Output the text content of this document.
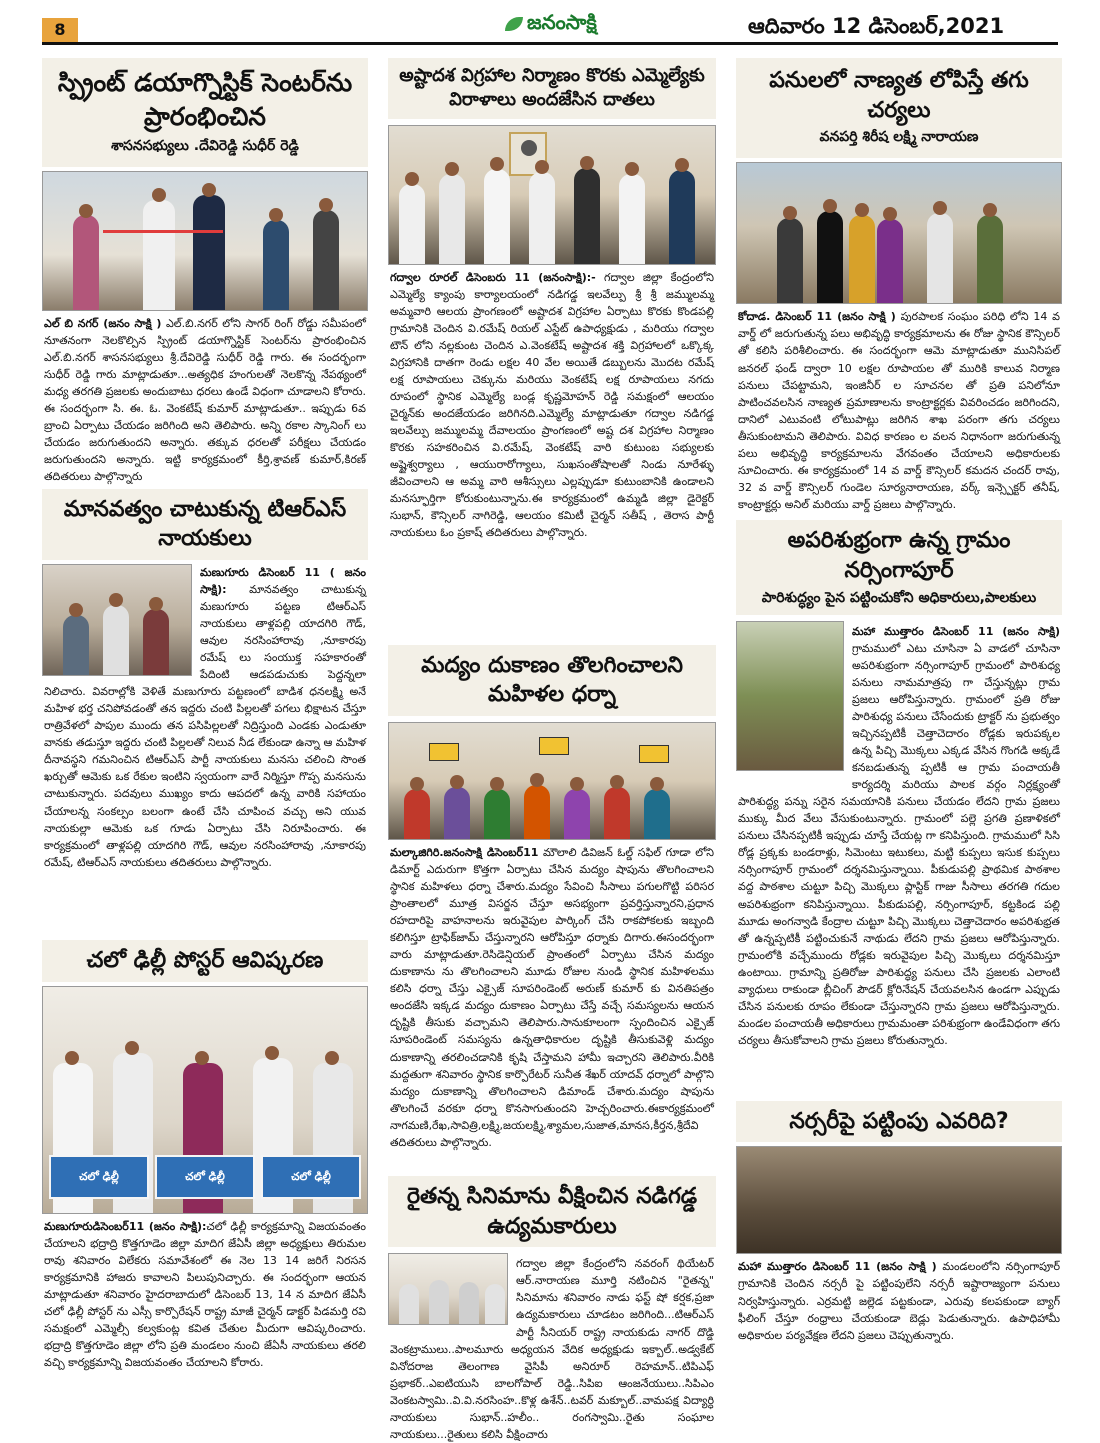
8	జనంసాక్షి	ఆదివారం 12 డిసెంబర్,2021
స్ప్రింట్ డయాగ్నొస్టిక్ సెంటర్‌ను ప్రారంభించిన
శాసనసభ్యులు .దేవిరెడ్డి సుధీర్ రెడ్డి
ఎల్ బి నగర్ (జనం సాక్షి ) ఎల్.బి.నగర్ లోని సాగర్ రింగ్ రోడ్డు సమీపంలో నూతనంగా నెలకొల్పిన స్ప్రింట్ డయాగ్నొస్టిక్ సెంటర్‌ను ప్రారంభించిన ఎల్.బి.నగర్ శాసనసభ్యులు శ్రీ.దేవిరెడ్డి సుధీర్ రెడ్డి గారు. ఈ సందర్భంగా సుధీర్ రెడ్డి గారు మాట్లాడుతూ...అత్యధిక హంగులతో నెలకొన్న నేపథ్యంలో మధ్య తరగతి ప్రజలకు అందుబాటు ధరలు ఉండే విధంగా చూడాలని కోరారు. ఈ సందర్భంగా సి. ఈ. ఓ. వెంకటేష్ కుమార్ మాట్లాడుతూ.. ఇప్పుడు 6వ బ్రాంచి ఏర్పాటు చేయడం జరిగింది అని తెలిపారు. అన్ని రకాల స్కానింగ్ లు చేయడం జరుగుతుందని అన్నారు. తక్కువ ధరలతో పరీక్షలు చేయడం జరుగుతుందని అన్నారు. ఇట్టి కార్యక్రమంలో కీర్తి,శ్రావణ్ కుమార్,కిరణ్ తదితరులు పాల్గొన్నారు
మానవత్వం చాటుకున్న టిఆర్ఎస్ నాయకులు
మణుగూరు డిసెంబర్ 11 ( జనం సాక్షి): మానవత్వం చాటుకున్న మణుగూరు పట్టణ టిఆర్ఎస్ నాయకులు తాళ్లపల్లి యాదగిరి గౌడ్, ఆవుల నరసింహారావు ,నూకారపు రమేష్ లు సంయుక్త సహకారంతో పేదింటి ఆడపడుచుకు పెద్దన్నలా నిలిచారు. వివరాల్లోకి వెళితే మణుగూరు పట్టణంలో బాడిశ ధనలక్ష్మి అనే మహిళ భర్త చనిపోవడంతో తన ఇద్దరు చంటి పిల్లలతో పగలు భిక్షాటన చేస్తూ రాత్రివేళలో పాపుల ముందు తన పసిపిల్లలతో నిద్రిస్తుంది ఎండకు ఎండుతూ వానకు తడుస్తూ ఇద్దరు చంటి పిల్లలతో నిలువ నీడ లేకుండా ఉన్నా ఆ మహిళ దీనావస్థని గమనించిన టిఆర్ఎస్ పార్టీ నాయకులు మనసు చలించి సొంత ఖర్చుతో ఆమెకు ఒక రేకుల ఇంటిని స్వయంగా వారే నిర్మిస్తూ గొప్ప మనసును చాటుకున్నారు. పదవులు ముఖ్యం కాదు ఆపదలో ఉన్న వారికి సహాయం చేయాలన్న సంకల్పం బలంగా ఉంటే చేసి చూపించ వచ్చు అని యువ నాయకుల్లా ఆమెకు ఒక గూడు ఏర్పాటు చేసి నిరూపించారు. ఈ కార్యక్రమంలో తాళ్లపల్లి యాదగిరి గౌడ్, ఆవుల నరసింహారావు ,నూకారపు రమేష్, టిఆర్ఎస్ నాయకులు తదితరులు పాల్గొన్నారు.
చలో ఢిల్లీ పోస్టర్ ఆవిష్కరణ
చలో ఢిల్లీ	చలో ఢిల్లీ	చలో ఢిల్లీ
మణుగూరుడిసెంబర్11 (జనం సాక్షి):చలో ఢిల్లీ కార్యక్రమాన్ని విజయవంతం చేయాలని భద్రాద్రి కొత్తగూడెం జిల్లా మాదిగ జేఏసీ జిల్లా అధ్యక్షులు తిరుమల రావు శనివారం విలేకరు సమావేశంలో ఈ నెల 13 14 జరిగే నిరసన కార్యక్రమానికి హాజరు కావాలని పిలుపునిచ్చారు. ఈ సందర్భంగా ఆయన మాట్లాడుతూ శనివారం హైదరాబాదులో డిసెంబర్ 13, 14 న మాదిగ జేఏసీ చలో ఢిల్లీ పోస్టర్ ను ఎస్సీ కార్పొరేషన్ రాష్ట్ర మాజీ చైర్మన్ డాక్టర్ పిడమర్తి రవి సమక్షంలో ఎమ్మెల్సీ కల్వకుంట్ల కవిత చేతుల మీదుగా ఆవిష్కరించారు. భద్రాద్రి కొత్తగూడెం జిల్లా లోని ప్రతి మండలం నుంచి జేఏసీ నాయకులు తరలి వచ్చి కార్యక్రమాన్ని విజయవంతం చేయాలని కోరారు.
అష్టాదశ విగ్రహాల నిర్మాణం కొరకు ఎమ్మెల్యేకు విరాళాలు అందజేసిన దాతలు
గద్వాల రూరల్ డిసెంబరు 11 (జనంసాక్షి):- గద్వాల జిల్లా కేంద్రంలోని ఎమ్మెల్యే క్యాంపు కార్యాలయంలో నడిగడ్డ ఇలవేల్పు శ్రీ శ్రీ జమ్ములమ్మ అమ్మవారి ఆలయ ప్రాంగణంలో అష్టాదశ విగ్రహాల ఏర్పాటు కొరకు కొండపల్లి గ్రామానికి చెందిన వి.రమేష్ రియల్ ఎస్టేట్ ఉపాధ్యక్షుడు , మరియు గద్వాల టౌన్ లోని నల్లకుంట చెందిన ఎ.వెంకటేష్ అష్టాదశ శక్తి విగ్రహాలలో ఒక్కొక్క విగ్రహానికి దాతగా రెండు లక్షల 40 వేల అయితే డబ్బులను మొదట రమేష్ లక్ష రూపాయలు చెక్కును మరియు వెంకటేష్ లక్ష రూపాయలు నగదు రూపంలో స్థానిక ఎమ్మెల్యే బండ్ల కృష్ణమోహన్ రెడ్డి సమక్షంలో ఆలయం చైర్మన్‌కు అందజేయడం జరిగినది.ఎమ్మెల్యే మాట్లాడుతూ గద్వాల నడిగడ్డ ఇలవేల్పు జమ్ములమ్మ దేవాలయం ప్రాంగణంలో అష్ట దశ విగ్రహాల నిర్మాణం కొరకు సహకరించిన వి.రమేష్, వెంకటేష్ వారి కుటుంబ సభ్యులకు అష్టైశ్వర్యాలు , ఆయురారోగ్యాలు, సుఖసంతోషాలతో నిండు నూరేళ్ళు జీవించాలని ఆ అమ్మ వారి ఆశీస్సులు ఎల్లప్పుడూ కుటుంబానికి ఉండాలని మనస్ఫూర్తిగా కోరుకుంటున్నాను.ఈ కార్యక్రమంలో ఉమ్మడి జిల్లా డైరెక్టర్ సుభాన్, కౌన్సిలర్ నాగిరెడ్డి, ఆలయం కమిటీ చైర్మన్ సతీష్ , తెరాస పార్టీ నాయకులు ఓం ప్రకాష్ తదితరులు పాల్గొన్నారు.
మద్యం దుకాణం తొలగించాలని మహిళల ధర్నా
మల్కాజిగిరి.జనంసాక్షి డిసెంబర్11 మౌలాలి డివిజన్ ఓల్డ్ సఫిల్ గూడా లోని డిమార్ట్ ఎదురుగా కొత్తగా ఏర్పాటు చేసిన మద్యం షాపును తొలగించాలని స్థానిక మహిళలు ధర్నా చేశారు.మద్యం సేవించి సీసాలు పగులగొట్టి పరిసర ప్రాంతాలలో మూత్ర విసర్జన చేస్తూ అసభ్యంగా ప్రవర్తిస్తున్నారని,ప్రధాన రహదారిపై వాహనాలను ఇరువైపుల పార్కింగ్ చేసి రాకపోకలకు ఇబ్బంది కలిగిస్తూ ట్రాఫిక్‌జామ్ చేస్తున్నారని ఆరోపిస్తూ ధర్నాకు దిగారు.ఈసందర్భంగా వారు మాట్లాడుతూ.రెసిడెన్షియల్ ప్రాంతంలో ఏర్పాటు చేసిన మద్యం దుకాణాను ను తొలగించాలని మూడు రోజుల నుండి స్థానిక మహిళలము కలిసి ధర్నా చేస్తు ఎక్సైజ్ సూపరిండెంట్ అరుణ్ కుమార్ కు వినతిపత్రం అందజేసి ఇక్కడ మద్యం దుకాణం ఏర్పాటు చేస్తే వచ్చే సమస్యలను ఆయన దృష్టికి తీసుకు వచ్చామని తెలిపారు.సానుకూలంగా స్పందించిన ఎక్సైజ్ సూపరిండెంట్ సమస్యను ఉన్నతాధికారుల దృష్టికి తీసుకువెళ్లి మద్యం దుకాణాన్ని తరలించడానికి కృషి చేస్తామని హామీ ఇచ్చారని తెలిపారు.వీరికి మద్దతుగా శనివారం స్థానిక కార్పొరేటర్ సునీత శేఖర్ యాదవ్ ధర్నాలో పాల్గొని మద్యం దుకాణాన్ని తొలగించాలని డిమాండ్ చేశారు.మద్యం షాపును తొలగించే వరకూ ధర్నా కొనసాగుతుందని హెచ్చరించారు.ఈకార్యక్రమంలో నాగమణి,రేఖ,సావిత్రి,లక్ష్మి,జయలక్ష్మి,శ్యామల,సుజాత,మానస,కీర్తన,శ్రీదేవి తదితరులు పాల్గొన్నారు.
రైతన్న సినిమాను వీక్షించిన నడిగడ్డ ఉద్యమకారులు
గద్వాల జిల్లా కేంద్రంలోని నవరంగ్ థియేటర్ ఆర్.నారాయణ మూర్తి నటించిన "రైతన్న" సినిమాను శనివారం నాడు ఫస్ట్ షో కర్షక,ప్రజా ఉద్యమకారులు చూడటం జరిగింది...టిఆర్ఎస్ పార్టీ సీనియర్ రాష్ట్ర నాయకుడు నాగర్ దొడ్డి వెంకట్రాములు..పాలమూరు అధ్యయన వేదిక అధ్యక్షుడు ఇక్బాల్..అడ్వకేట్ వినోదరాజ తెలంగాణ వైసిపీ అనిరూర్ రెహమాన్..టిపిఎఫ్ ప్రభాకర్..ఎఐటియుసి బాలగోపాల్ రెడ్డి..సిపిఐ ఆంజనేయులు..సిపిఎం వెంకటస్వామి..వి.వి.నరసింహ..కొళ్ల ఉశేన్..టవర్ మక్బూల్..వామపక్ష విద్యార్ధి నాయకులు సుభాన్..హలీం.. రంగస్వామి..రైతు సంఘాల నాయకులు...రైతులు కలిసి వీక్షించారు
పనులలో నాణ్యత లోపిస్తే తగు చర్యలు
వనపర్తి శిరీష లక్ష్మి నారాయణ
కోదాడ. డిసెంబర్ 11 (జనం సాక్షి ) పురపాలక సంఘం పరిధి లోని 14 వ వార్డ్ లో జరుగుతున్న పలు అభివృద్ధి కార్యక్రమాలను ఈ రోజు స్థానిక కౌన్సిలర్ తో కలిసి పరిశీలించారు. ఈ సందర్భంగా ఆమె మాట్లాడుతూ మునిసిపల్ జనరల్ ఫండ్ ద్వారా 10 లక్షల రూపాయల తో మురికి కాలువ నిర్మాణ పనులు చేపట్టామని, ఇంజినీర్ ల సూచనల తో ప్రతి పనిలోనూ పాటించవలసిన నాణ్యత ప్రమాణాలను కాంట్రాక్టర్లకు వివరించడం జరిగిందని, దానిలో ఎటువంటి లోటుపాట్లు జరిగిన శాఖ పరంగా తగు చర్యలు తీసుకుంటామని తెలిపారు. వివిధ కారణం ల వలన నిధానంగా జరుగుతున్న పలు అభివృద్ధి కార్యక్రమాలను వేగవంతం చేయాలని అధికారులకు సూచించారు. ఈ కార్యక్రమంలో 14 వ వార్డ్ కౌన్సిలర్ కమదన చందర్ రావు, 32 వ వార్డ్ కౌన్సిలర్ గుండెల సూర్యనారాయణ, వర్క్ ఇన్స్పెక్టర్ తనీష్, కాంట్రాక్టర్లు అనిల్ మరియు వార్డ్ ప్రజలు పాల్గొన్నారు.
అపరిశుభ్రంగా ఉన్న గ్రామం నర్సింగాపూర్
పారిశుద్ధ్యం పైన పట్టించుకోని అధికారులు,పాలకులు
మహా ముత్తారం డిసెంబర్ 11 (జనం సాక్షి) గ్రామములో ఎటు చూసినా ఏ వాడలో చూసినా అపరిశుభ్రంగా నర్సింగాపూర్ గ్రామంలో పారిశుధ్య పనులు నామమాత్రపు గా చేస్తున్నట్లు గ్రామ ప్రజలు ఆరోపిస్తున్నారు. గ్రామంలో ప్రతి రోజు పారిశుధ్య పనులు చేసేందుకు ట్రాక్టర్ ను ప్రభుత్వం ఇచ్చినప్పటికీ చెత్తాచెదారం రోడ్లకు ఇరుపక్కల ఉన్న పిచ్చి మొక్కలు ఎక్కడ వేసిన గొంగడి అక్కడే కనబడుతున్న ప్పటికీ ఆ గ్రామ పంచాయతీ కార్యదర్శి మరియు పాలక వర్గం నిర్లక్ష్యంతో పారిశుద్ధ్య పన్ను సరైన సమయానికి పనులు చేయడం లేదని గ్రామ ప్రజలు ముక్కు మీద వేలు వేసుకుంటున్నారు. గ్రామంలో పల్లె ప్రగతి ప్రణాళికలో పనులు చేసినప్పటికీ ఇప్పుడు చూస్తే చేయట్ల గా కనిపిస్తుంది. గ్రామములో సిసి రోడ్ల ప్రక్కకు బండరాళ్లు, సిమెంటు ఇటుకలు, మట్టి కుప్పలు ఇసుక కుప్పలు నర్సింగాపూర్ గ్రామంలో దర్శనమిస్తున్నాయి. పీకుడుపల్లి ప్రాథమిక పాఠశాల వద్ద పాఠశాల చుట్టూ పిచ్చి మొక్కలు ప్లాస్టిక్ గాజు సీసాలు తరగతి గదుల అపరిశుభ్రంగా కనిపిస్తున్నాయి. పీకుడుపల్లి, నర్సింగాపూర్, కట్టకిండ పల్లి మూడు అంగన్వాడి కేంద్రాల చుట్టూ పిచ్చి మొక్కలు చెత్తాచెదారం అపరిశుభ్రత తో ఉన్నప్పటికీ పట్టించుకునే నాథుడు లేదని గ్రామ ప్రజలు ఆరోపిస్తున్నారు. గ్రామంలోకి వచ్చేముందు రోడ్లకు ఇరువైపుల పిచ్చి మొక్కలు దర్శనమిస్తూ ఉంటాయి. గ్రామాన్ని ప్రతిరోజు పారిశుద్ధ్య పనులు చేసి ప్రజలకు ఎలాంటి వ్యాధులు రాకుండా బ్లీచింగ్ పౌడర్ క్లోరినేషన్ చేయవలసిన ఉండగా ఎప్పుడు చేసిన పనులకు రూపం లేకుండా చేస్తున్నారని గ్రామ ప్రజలు ఆరోపిస్తున్నారు. మండల పంచాయతీ అధికారులు గ్రామమంతా పరిశుభ్రంగా ఉండేవిధంగా తగు చర్యలు తీసుకోవాలని గ్రామ ప్రజలు కోరుతున్నారు.
నర్సరీపై పట్టింపు ఎవరిది?
మహా ముత్తారం డిసెంబర్ 11 (జనం సాక్షి ) మండలంలోని నర్సింగాపూర్ గ్రామానికి చెందిన నర్సరీ పై పట్టింపులేని నర్సరీ ఇష్టారాజ్యంగా పనులు నిర్వహిస్తున్నారు. ఎర్రమట్టి జల్లెడ పట్టకుండా, ఎరువు కలపకుండా బ్యాగ్ ఫీలింగ్ చేస్తూ రంధ్రాలు చేయకుండా బెడ్లు పెడుతున్నారు. ఉపాధిహామీ అధికారుల పర్యవేక్షణ లేదని ప్రజలు చెప్పుతున్నారు.
